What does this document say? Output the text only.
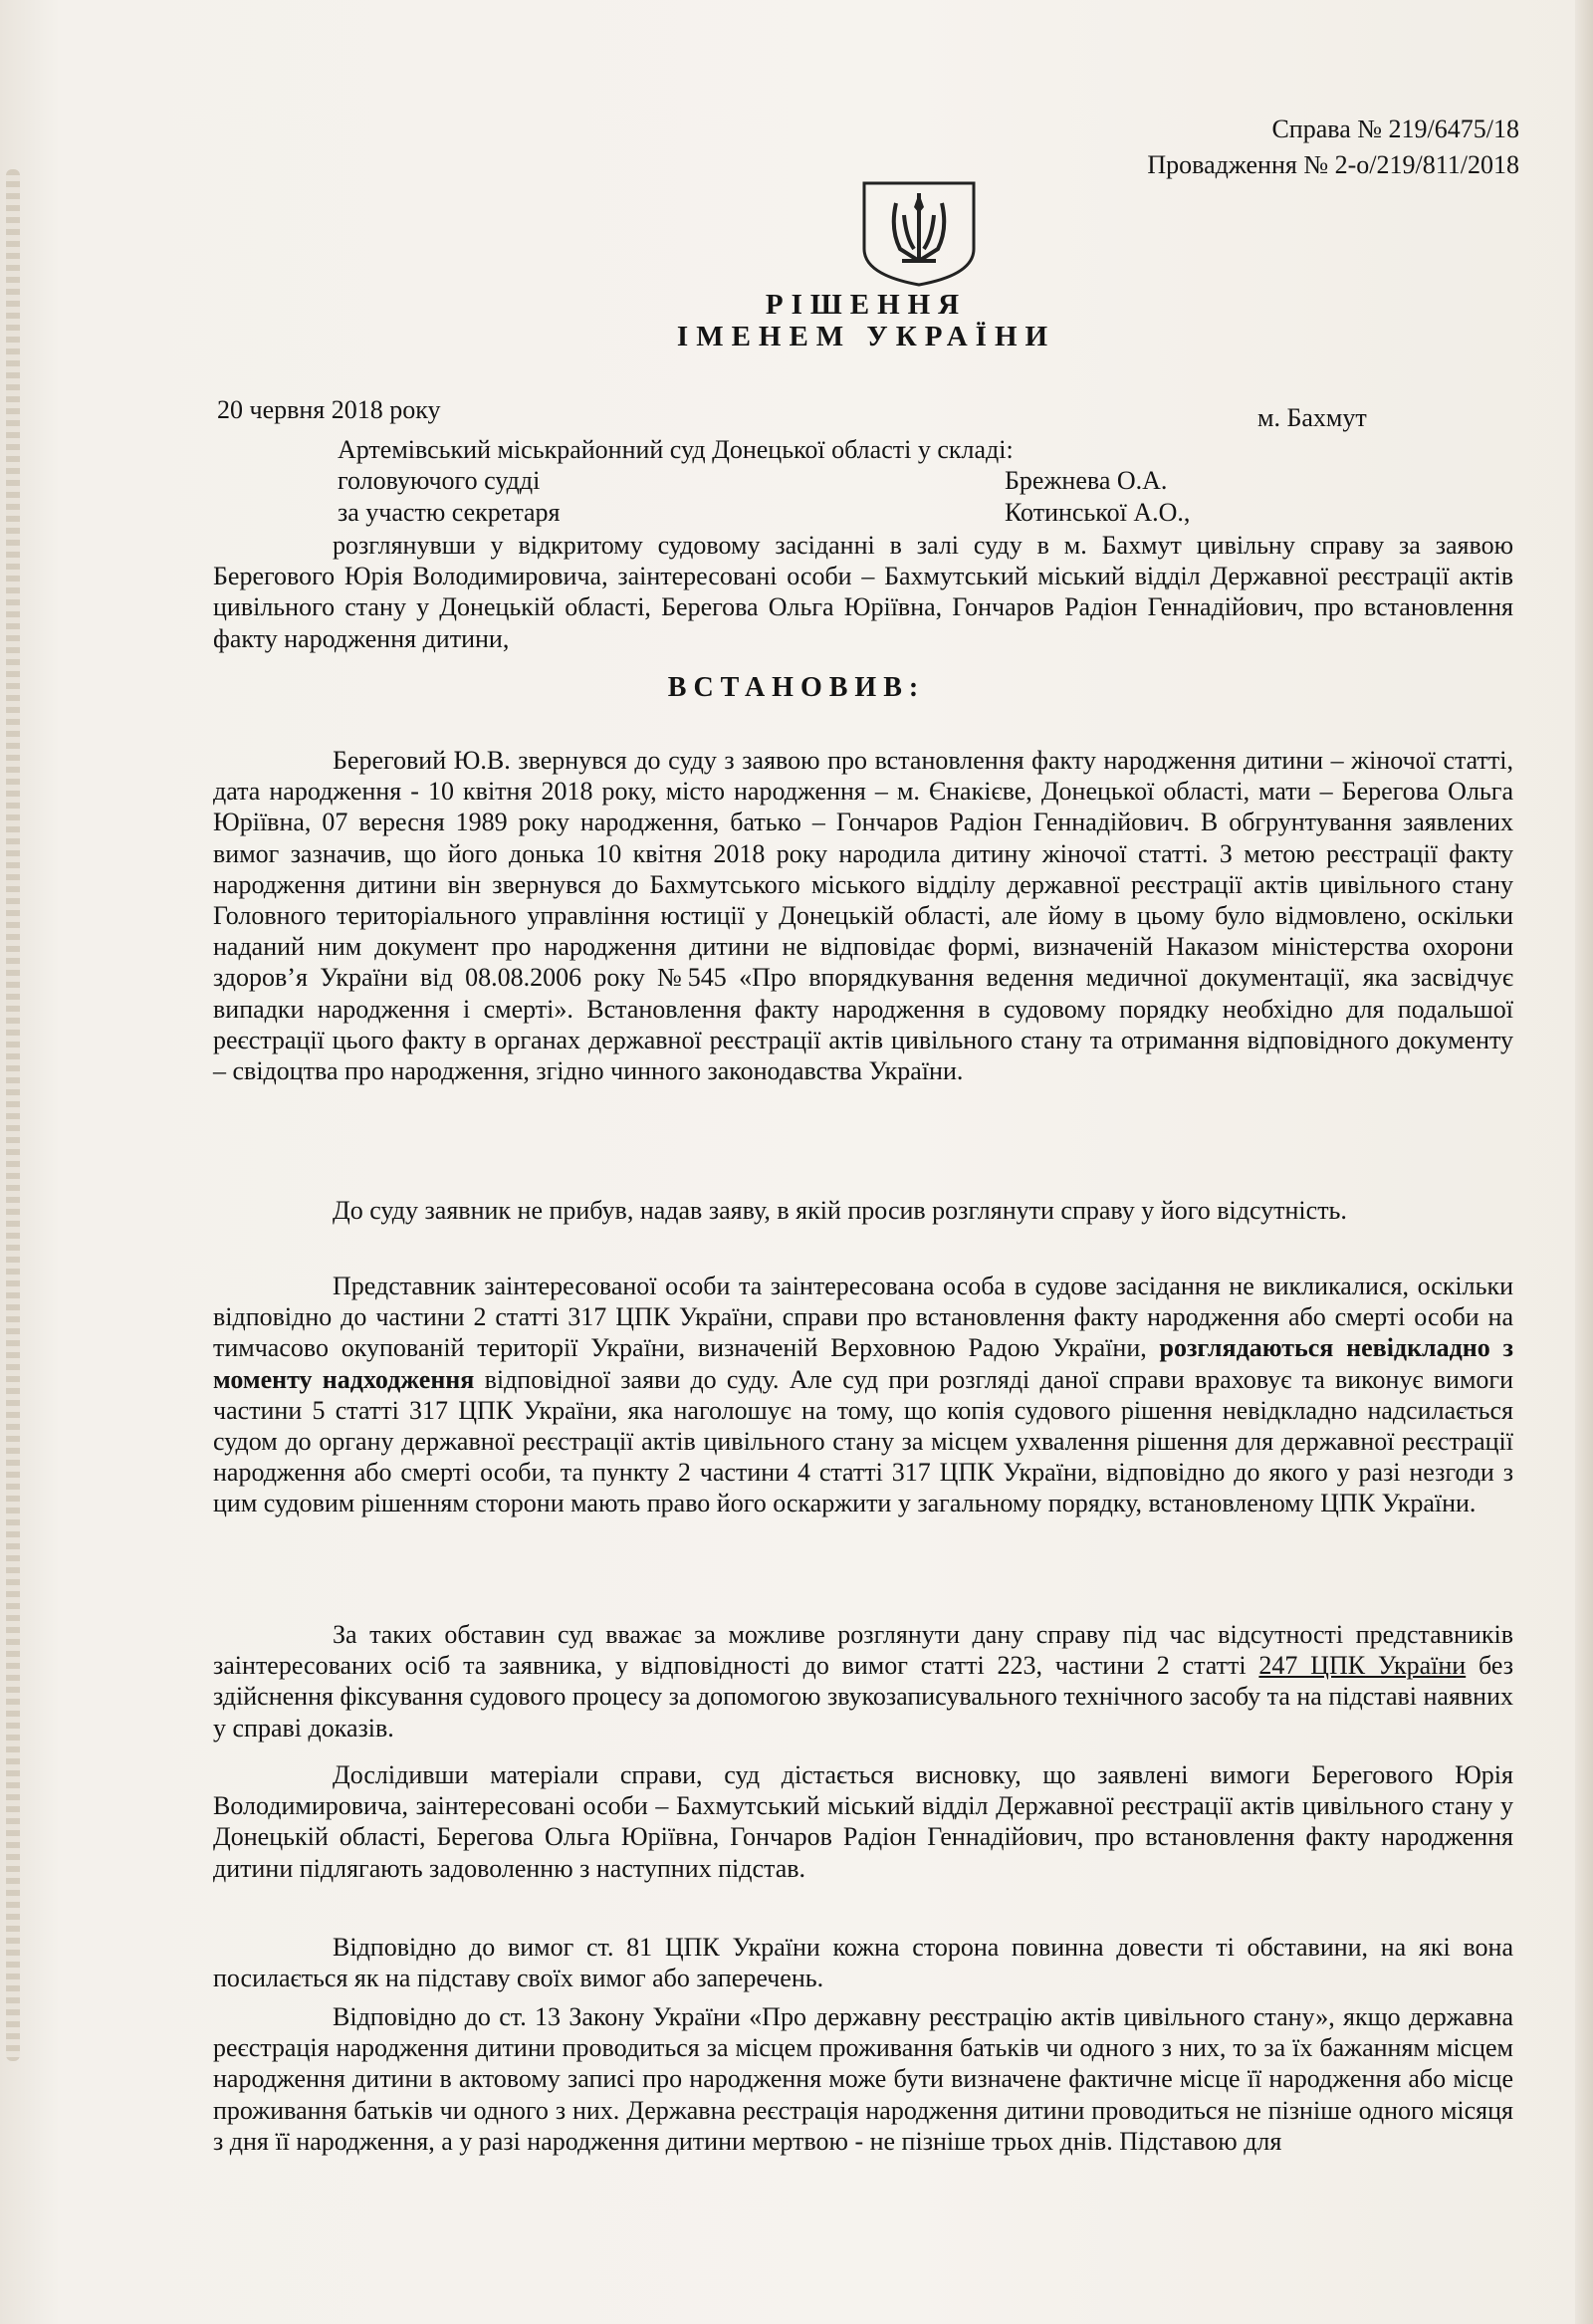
Справа № 219/6475/18
Провадження № 2-о/219/811/2018
РІШЕННЯ
ІМЕНЕМ УКРАЇНИ
20 червня 2018 року	м. Бахмут
Артемівський міськрайонний суд Донецької області у складі:
головуючого судді	Брежнева О.А.
за участю секретаря	Котинської А.О.,
розглянувши у відкритому судовому засіданні в залі суду в м. Бахмут цивільну справу за заявою Берегового Юрія Володимировича, заінтересовані особи – Бахмутський міський відділ Державної реєстрації актів цивільного стану у Донецькій області, Берегова Ольга Юріївна, Гончаров Радіон Геннадійович, про встановлення факту народження дитини,
ВСТАНОВИВ:
Береговий Ю.В. звернувся до суду з заявою про встановлення факту народження дитини – жіночої статті, дата народження - 10 квітня 2018 року, місто народження – м. Єнакієве, Донецької області, мати – Берегова Ольга Юріївна, 07 вересня 1989 року народження, батько – Гончаров Радіон Геннадійович. В обгрунтування заявлених вимог зазначив, що його донька 10 квітня 2018 року народила дитину жіночої статті. З метою реєстрації факту народження дитини він звернувся до Бахмутського міського відділу державної реєстрації актів цивільного стану Головного територіального управління юстиції у Донецькій області, але йому в цьому було відмовлено, оскільки наданий ним документ про народження дитини не відповідає формі, визначеній Наказом міністерства охорони здоров’я України від 08.08.2006 року №545 «Про впорядкування ведення медичної документації, яка засвідчує випадки народження і смерті». Встановлення факту народження в судовому порядку необхідно для подальшої реєстрації цього факту в органах державної реєстрації актів цивільного стану та отримання відповідного документу – свідоцтва про народження, згідно чинного законодавства України.
До суду заявник не прибув, надав заяву, в якій просив розглянути справу у його відсутність.
Представник заінтересованої особи та заінтересована особа в судове засідання не викликалися, оскільки відповідно до частини 2 статті 317 ЦПК України, справи про встановлення факту народження або смерті особи на тимчасово окупованій території України, визначеній Верховною Радою України, розглядаються невідкладно з моменту надходження відповідної заяви до суду. Але суд при розгляді даної справи враховує та виконує вимоги частини 5 статті 317 ЦПК України, яка наголошує на тому, що копія судового рішення невідкладно надсилається судом до органу державної реєстрації актів цивільного стану за місцем ухвалення рішення для державної реєстрації народження або смерті особи, та пункту 2 частини 4 статті 317 ЦПК України, відповідно до якого у разі незгоди з цим судовим рішенням сторони мають право його оскаржити у загальному порядку, встановленому ЦПК України.
За таких обставин суд вважає за можливе розглянути дану справу під час відсутності представників заінтересованих осіб та заявника, у відповідності до вимог статті 223, частини 2 статті 247 ЦПК України без здійснення фіксування судового процесу за допомогою звукозаписувального технічного засобу та на підставі наявних у справі доказів.
Дослідивши матеріали справи, суд дістається висновку, що заявлені вимоги Берегового Юрія Володимировича, заінтересовані особи – Бахмутський міський відділ Державної реєстрації актів цивільного стану у Донецькій області, Берегова Ольга Юріївна, Гончаров Радіон Геннадійович, про встановлення факту народження дитини підлягають задоволенню з наступних підстав.
Відповідно до вимог ст. 81 ЦПК України кожна сторона повинна довести ті обставини, на які вона посилається як на підставу своїх вимог або заперечень.
Відповідно до ст. 13 Закону України «Про державну реєстрацію актів цивільного стану», якщо державна реєстрація народження дитини проводиться за місцем проживання батьків чи одного з них, то за їх бажанням місцем народження дитини в актовому записі про народження може бути визначене фактичне місце її народження або місце проживання батьків чи одного з них. Державна реєстрація народження дитини проводиться не пізніше одного місяця з дня її народження, а у разі народження дитини мертвою - не пізніше трьох днів. Підставою для
